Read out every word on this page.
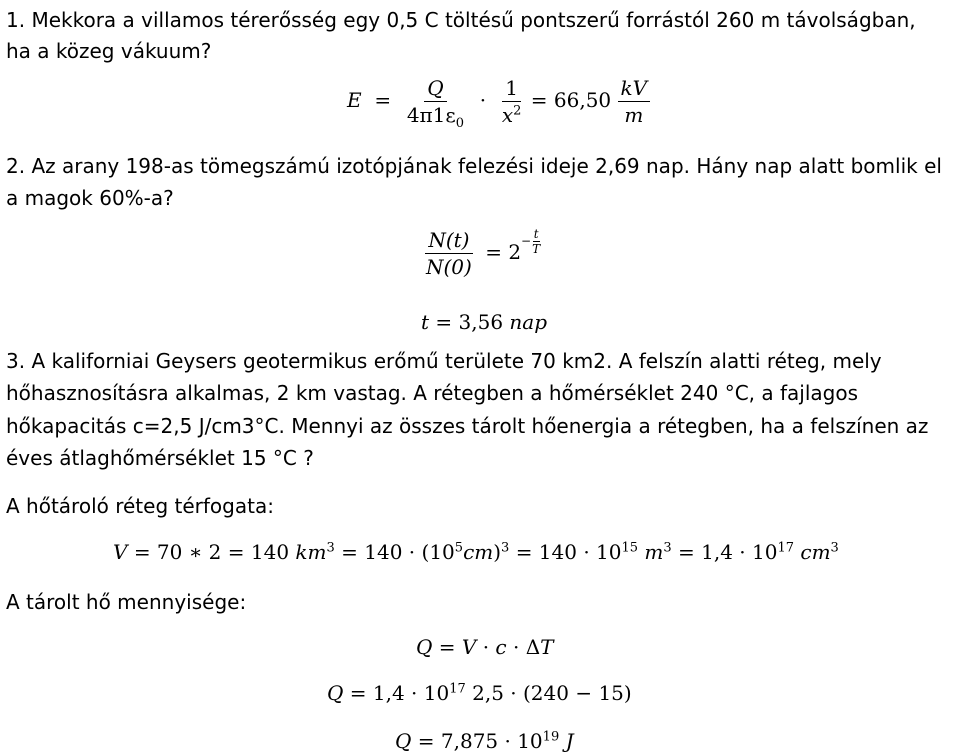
1. Mekkora a villamos térerősség egy 0,5 C töltésű pontszerű forrástól 260 m távolságban,
ha a közeg vákuum?
$E = \frac{Q}{4\pi 1\varepsilon_0} \cdot \frac{1}{x^2} = 66,50 \frac{kV}{m}$
2. Az arany 198-as tömegszámú izotópjának felezési ideje 2,69 nap. Hány nap alatt bomlik el
a magok 60%-a?
$\frac{N(t)}{N(0)} = 2 - \frac{t}{T}$
t = 3,56 nap
3. A kaliforniai Geysers geotermikus erőmű területe 70 km2. A felszín alatti réteg, mely
hőhasznosításra alkalmas, 2 km vastag. A rétegben a hőmérséklet 240 °C, a fajlagos
hőkapacitás c=2,5 J/cm3°C. Mennyi az összes tárolt hőenergia a rétegben, ha a felszínen az
éves átlaghőmérséklet 15 °C ?
A hőtároló réteg térfogata:
V = 70 ∗ 2 = 140 $km^3 = 140 \cdot (10^5cm)^3 = 140 \cdot 10^{15}$ $m^3 = 1,4 \cdot 10^{17}$ $cm^3$
A tárolt hő mennyisége:
Q = V · c · ΔT
$Q = 1,4 \cdot 10^{17}$ 2,5 · (240 − 15)
$Q = 7,875 \cdot 10^{19}$ J
